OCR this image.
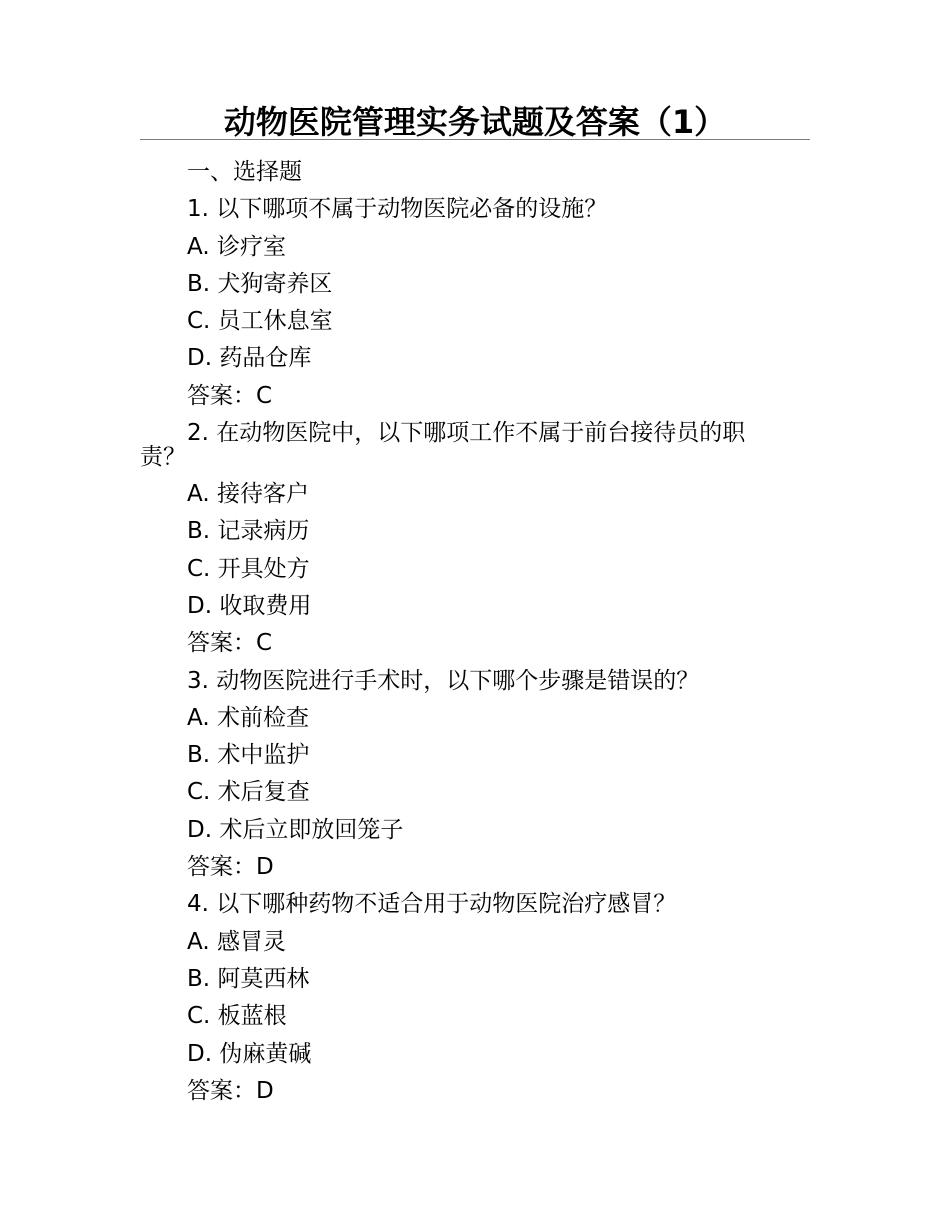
动物医院管理实务试题及答案（1）

一、选择题

1. 以下哪项不属于动物医院必备的设施？

A. 诊疗室

B. 犬狗寄养区

C. 员工休息室

D. 药品仓库

答案：C

2. 在动物医院中，以下哪项工作不属于前台接待员的职
责？

A. 接待客户

B. 记录病历

C. 开具处方

D. 收取费用

答案：C

3. 动物医院进行手术时，以下哪个步骤是错误的？

A. 术前检查

B. 术中监护

C. 术后复查

D. 术后立即放回笼子

答案：D

4. 以下哪种药物不适合用于动物医院治疗感冒？

A. 感冒灵

B. 阿莫西林

C. 板蓝根

D. 伪麻黄碱

答案：D
